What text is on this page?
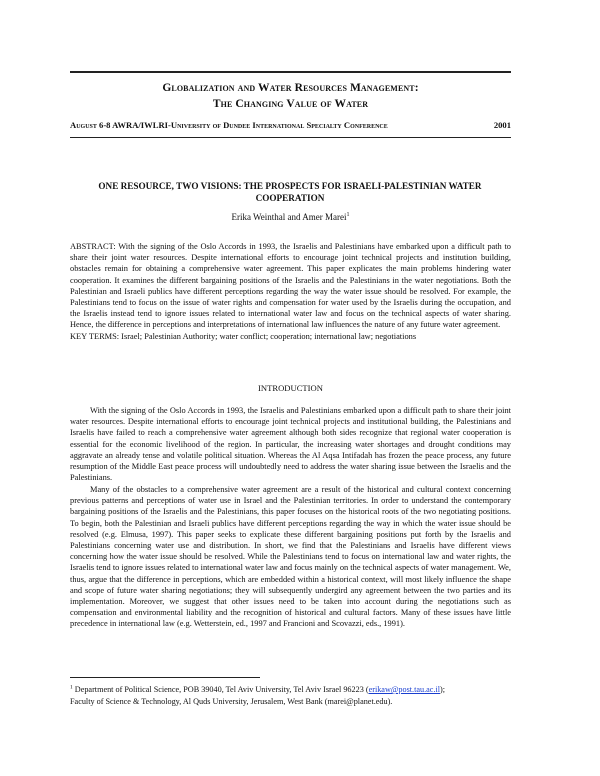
Globalization and Water Resources Management:
The Changing Value of Water
August 6-8 AWRA/IWLRI-University of Dundee International Specialty Conference	2001
ONE RESOURCE, TWO VISIONS: THE PROSPECTS FOR ISRAELI-PALESTINIAN WATER COOPERATION
Erika Weinthal and Amer Marei$^1$
ABSTRACT: With the signing of the Oslo Accords in 1993, the Israelis and Palestinians have embarked upon a difficult path to share their joint water resources. Despite international efforts to encourage joint technical projects and institution building, obstacles remain for obtaining a comprehensive water agreement. This paper explicates the main problems hindering water cooperation. It examines the different bargaining positions of the Israelis and the Palestinians in the water negotiations. Both the Palestinian and Israeli publics have different perceptions regarding the way the water issue should be resolved. For example, the Palestinians tend to focus on the issue of water rights and compensation for water used by the Israelis during the occupation, and the Israelis instead tend to ignore issues related to international water law and focus on the technical aspects of water sharing. Hence, the difference in perceptions and interpretations of international law influences the nature of any future water agreement.
KEY TERMS: Israel; Palestinian Authority; water conflict; cooperation; international law; negotiations
INTRODUCTION

With the signing of the Oslo Accords in 1993, the Israelis and Palestinians embarked upon a difficult path to share their joint water resources. Despite international efforts to encourage joint technical projects and institutional building, the Palestinians and Israelis have failed to reach a comprehensive water agreement although both sides recognize that regional water cooperation is essential for the economic livelihood of the region. In particular, the increasing water shortages and drought conditions may aggravate an already tense and volatile political situation. Whereas the Al Aqsa Intifadah has frozen the peace process, any future resumption of the Middle East peace process will undoubtedly need to address the water sharing issue between the Israelis and the Palestinians.

Many of the obstacles to a comprehensive water agreement are a result of the historical and cultural context concerning previous patterns and perceptions of water use in Israel and the Palestinian territories. In order to understand the contemporary bargaining positions of the Israelis and the Palestinians, this paper focuses on the historical roots of the two negotiating positions. To begin, both the Palestinian and Israeli publics have different perceptions regarding the way in which the water issue should be resolved (e.g. Elmusa, 1997). This paper seeks to explicate these different bargaining positions put forth by the Israelis and Palestinians concerning water use and distribution. In short, we find that the Palestinians and Israelis have different views concerning how the water issue should be resolved. While the Palestinians tend to focus on international law and water rights, the Israelis tend to ignore issues related to international water law and focus mainly on the technical aspects of water management. We, thus, argue that the difference in perceptions, which are embedded within a historical context, will most likely influence the shape and scope of future water sharing negotiations; they will subsequently undergird any agreement between the two parties and its implementation. Moreover, we suggest that other issues need to be taken into account during the negotiations such as compensation and environmental liability and the recognition of historical and cultural factors. Many of these issues have little precedence in international law (e.g. Wetterstein, ed., 1997 and Francioni and Scovazzi, eds., 1991).

$^1$ Department of Political Science, POB 39040, Tel Aviv University, Tel Aviv Israel 96223 (erikaw@post.tau.ac.il);
Faculty of Science & Technology, Al Quds University, Jerusalem, West Bank (marei@planet.edu).
